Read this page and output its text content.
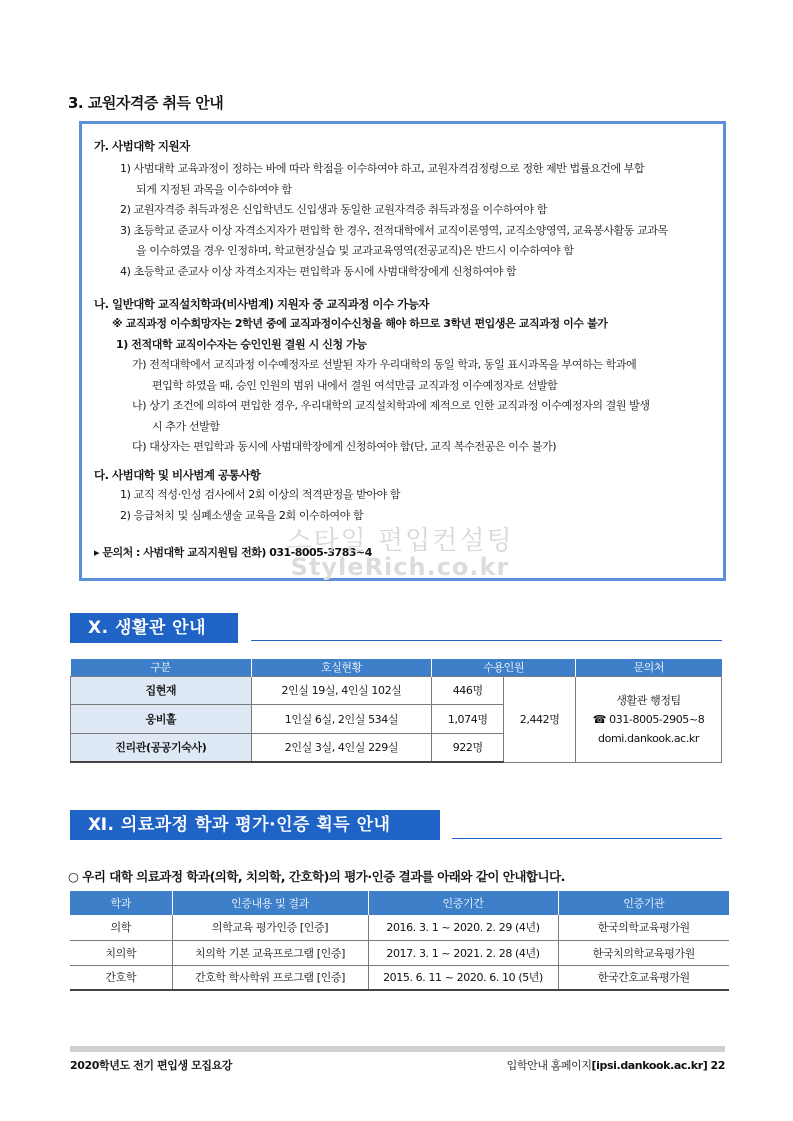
3. 교원자격증 취득 안내
가. 사범대학 지원자
1) 사범대학 교육과정이 정하는 바에 따라 학점을 이수하여야 하고, 교원자격검정령으로 정한 제반 법률요건에 부합
되게 지정된 과목을 이수하여야 함
2) 교원자격증 취득과정은 신입학년도 신입생과 동일한 교원자격증 취득과정을 이수하여야 함
3) 초등학교 준교사 이상 자격소지자가 편입학 한 경우, 전적대학에서 교직이론영역, 교직소양영역, 교육봉사활동 교과목
을 이수하였을 경우 인정하며, 학교현장실습 및 교과교육영역(전공교직)은 반드시 이수하여야 함
4) 초등학교 준교사 이상 자격소지자는 편입학과 동시에 사범대학장에게 신청하여야 함
나. 일반대학 교직설치학과(비사범계) 지원자 중 교직과정 이수 가능자
※ 교직과정 이수희망자는 2학년 중에 교직과정이수신청을 해야 하므로 3학년 편입생은 교직과정 이수 불가
1) 전적대학 교직이수자는 승인인원 결원 시 신청 가능
가) 전적대학에서 교직과정 이수예정자로 선발된 자가 우리대학의 동일 학과, 동일 표시과목을 부여하는 학과에
편입학 하였을 때, 승인 인원의 범위 내에서 결원 여석만큼 교직과정 이수예정자로 선발함
나) 상기 조건에 의하여 편입한 경우, 우리대학의 교직설치학과에 제적으로 인한 교직과정 이수예정자의 결원 발생
시 추가 선발함
다) 대상자는 편입학과 동시에 사범대학장에게 신청하여야 함(단, 교직 복수전공은 이수 불가)
다. 사범대학 및 비사범계 공통사항
1) 교직 적성·인성 검사에서 2회 이상의 적격판정을 받아야 함
2) 응급처치 및 심폐소생술 교육을 2회 이수하여야 함
▸ 문의처 : 사범대학 교직지원팀 전화) 031-8005-3783~4
스타일 편입컨설팅
StyleRich.co.kr
Ⅹ. 생활관 안내
구분	호실현황	수용인원		문의처
집현재	2인실 19실, 4인실 102실	446명	2,442명	생활관 행정팀
☎ 031-8005-2905~8
domi.dankook.ac.kr

웅비홀	1인실 6실, 2인실 534실	1,074명		
진리관(공공기숙사)	2인실 3실, 4인실 229실	922명		
Ⅺ. 의료과정 학과 평가·인증 획득 안내
○ 우리 대학 의료과정 학과(의학, 치의학, 간호학)의 평가·인증 결과를 아래와 같이 안내합니다.
학과	인증내용 및 결과	인증기간	인증기관
의학	의학교육 평가인증 [인증]	2016. 3. 1 ~ 2020. 2. 29 (4년)	한국의학교육평가원
치의학	치의학 기본 교육프로그램 [인증]	2017. 3. 1 ~ 2021. 2. 28 (4년)	한국치의학교육평가원
간호학	간호학 학사학위 프로그램 [인증]	2015. 6. 11 ~ 2020. 6. 10 (5년)	한국간호교육평가원
2020학년도 전기 편입생 모집요강	입학안내 홈페이지[ipsi.dankook.ac.kr] 22
